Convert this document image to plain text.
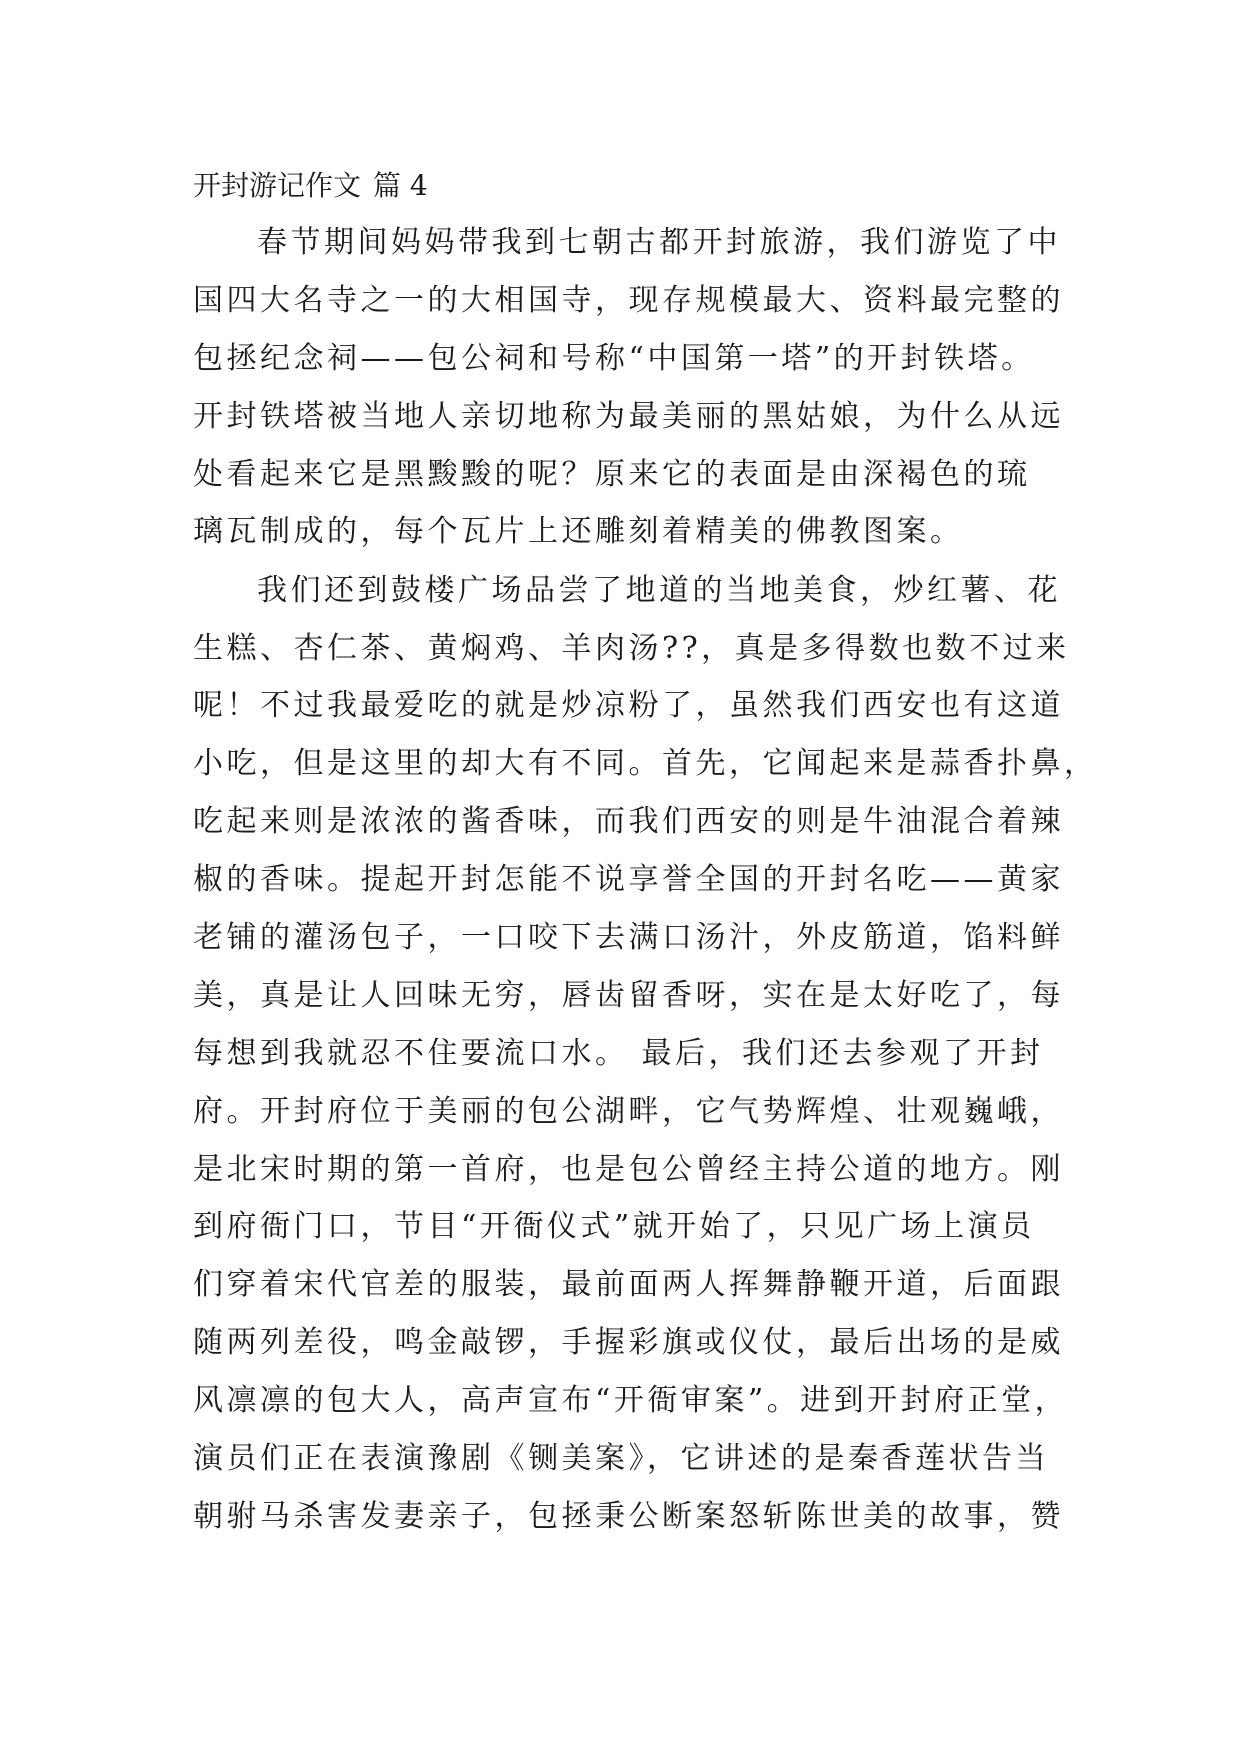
开封游记作文 篇 4
春节期间妈妈带我到七朝古都开封旅游，我们游览了中
国四大名寺之一的大相国寺，现存规模最大、资料最完整的
包拯纪念祠——包公祠和号称“中国第一塔”的开封铁塔。
开封铁塔被当地人亲切地称为最美丽的黑姑娘，为什么从远
处看起来它是黑黢黢的呢？原来它的表面是由深褐色的琉
璃瓦制成的，每个瓦片上还雕刻着精美的佛教图案。
我们还到鼓楼广场品尝了地道的当地美食，炒红薯、花
生糕、杏仁茶、黄焖鸡、羊肉汤??，真是多得数也数不过来
呢！不过我最爱吃的就是炒凉粉了，虽然我们西安也有这道
小吃，但是这里的却大有不同。首先，它闻起来是蒜香扑鼻，
吃起来则是浓浓的酱香味，而我们西安的则是牛油混合着辣
椒的香味。提起开封怎能不说享誉全国的开封名吃——黄家
老铺的灌汤包子，一口咬下去满口汤汁，外皮筋道，馅料鲜
美，真是让人回味无穷，唇齿留香呀，实在是太好吃了，每
每想到我就忍不住要流口水。 最后，我们还去参观了开封
府。开封府位于美丽的包公湖畔，它气势辉煌、壮观巍峨，
是北宋时期的第一首府，也是包公曾经主持公道的地方。刚
到府衙门口，节目“开衙仪式”就开始了，只见广场上演员
们穿着宋代官差的服装，最前面两人挥舞静鞭开道，后面跟
随两列差役，鸣金敲锣，手握彩旗或仪仗，最后出场的是威
风凛凛的包大人，高声宣布“开衙审案”。进到开封府正堂，
演员们正在表演豫剧《铡美案》，它讲述的是秦香莲状告当
朝驸马杀害发妻亲子，包拯秉公断案怒斩陈世美的故事，赞
